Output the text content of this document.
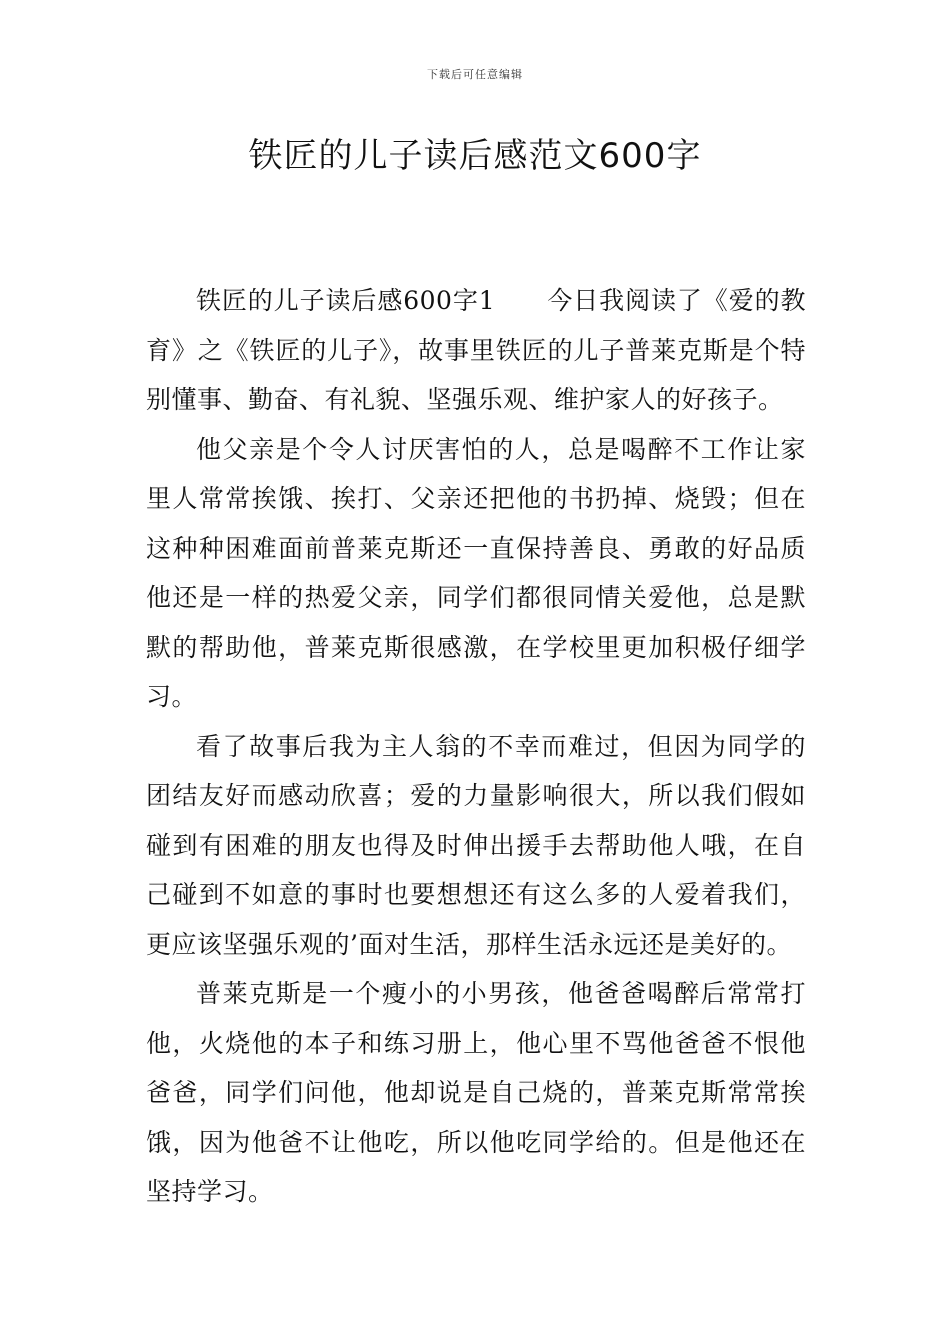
下载后可任意编辑
铁匠的儿子读后感范文600字

铁匠的儿子读后感600字1　　今日我阅读了《爱的教育》之《铁匠的儿子》，故事里铁匠的儿子普莱克斯是个特别懂事、勤奋、有礼貌、坚强乐观、维护家人的好孩子。

他父亲是个令人讨厌害怕的人，总是喝醉不工作让家里人常常挨饿、挨打、父亲还把他的书扔掉、烧毁；但在这种种困难面前普莱克斯还一直保持善良、勇敢的好品质他还是一样的热爱父亲，同学们都很同情关爱他，总是默默的帮助他，普莱克斯很感激，在学校里更加积极仔细学习。

看了故事后我为主人翁的不幸而难过，但因为同学的团结友好而感动欣喜；爱的力量影响很大，所以我们假如碰到有困难的朋友也得及时伸出援手去帮助他人哦，在自己碰到不如意的事时也要想想还有这么多的人爱着我们，更应该坚强乐观的’面对生活，那样生活永远还是美好的。

普莱克斯是一个瘦小的小男孩，他爸爸喝醉后常常打他，火烧他的本子和练习册上，他心里不骂他爸爸不恨他爸爸，同学们问他，他却说是自己烧的，普莱克斯常常挨饿，因为他爸不让他吃，所以他吃同学给的。但是他还在坚持学习。
